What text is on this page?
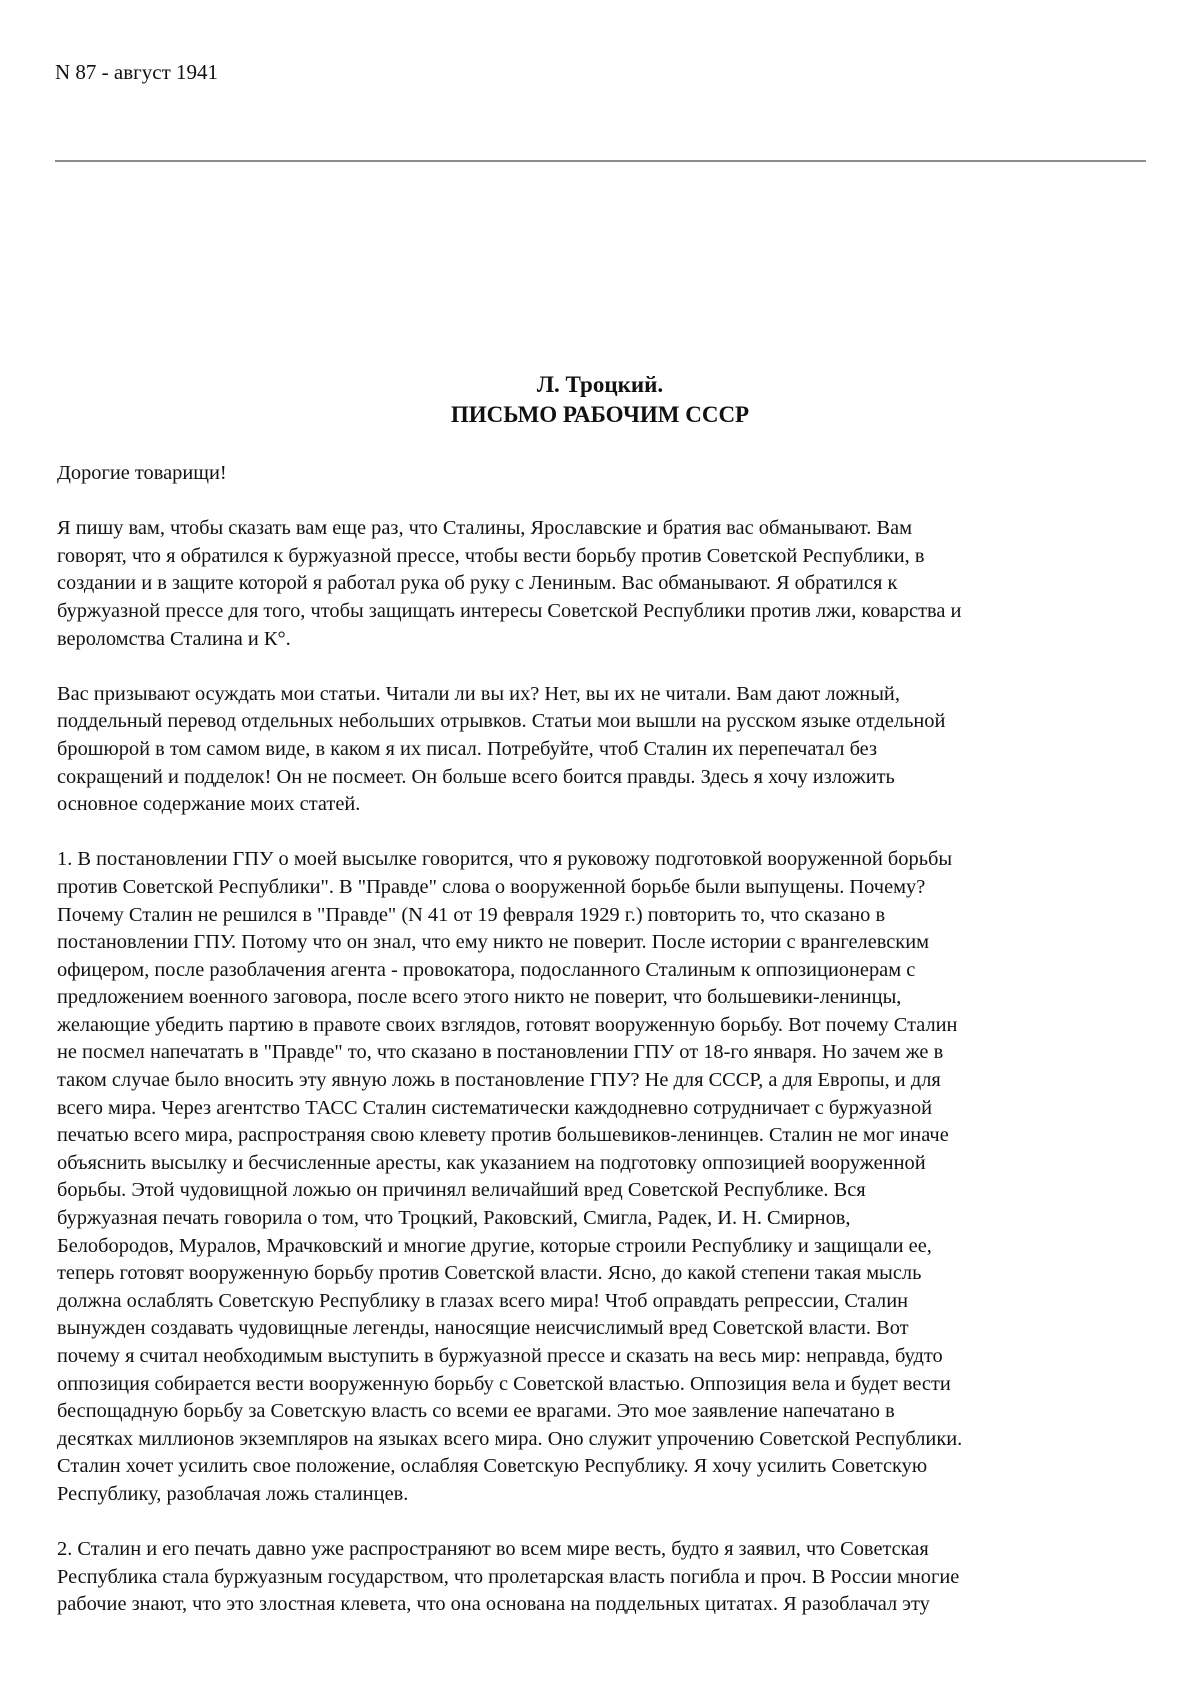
N 87 - август 1941
Л. Троцкий.
ПИСЬМО РАБОЧИМ СССР
Дорогие товарищи!
Я пишу вам, чтобы сказать вам еще раз, что Сталины, Ярославские и братия вас обманывают. Вам
говорят, что я обратился к буржуазной прессе, чтобы вести борьбу против Советской Республики, в
создании и в защите которой я работал рука об руку с Лениным. Вас обманывают. Я обратился к
буржуазной прессе для того, чтобы защищать интересы Советской Республики против лжи, коварства и
вероломства Сталина и К°.
Вас призывают осуждать мои статьи. Читали ли вы их? Нет, вы их не читали. Вам дают ложный,
поддельный перевод отдельных небольших отрывков. Статьи мои вышли на русском языке отдельной
брошюрой в том самом виде, в каком я их писал. Потребуйте, чтоб Сталин их перепечатал без
сокращений и подделок! Он не посмеет. Он больше всего боится правды. Здесь я хочу изложить
основное содержание моих статей.
1. В постановлении ГПУ о моей высылке говорится, что я руковожу подготовкой вооруженной борьбы
против Советской Республики". В "Правде" слова о вооруженной борьбе были выпущены. Почему?
Почему Сталин не решился в "Правде" (N 41 от 19 февраля 1929 г.) повторить то, что сказано в
постановлении ГПУ. Потому что он знал, что ему никто не поверит. После истории с врангелевским
офицером, после разоблачения агента - провокатора, подосланного Сталиным к оппозиционерам с
предложением военного заговора, после всего этого никто не поверит, что большевики-ленинцы,
желающие убедить партию в правоте своих взглядов, готовят вооруженную борьбу. Вот почему Сталин
не посмел напечатать в "Правде" то, что сказано в постановлении ГПУ от 18-го января. Но зачем же в
таком случае было вносить эту явную ложь в постановление ГПУ? Не для СССР, а для Европы, и для
всего мира. Через агентство ТАСС Сталин систематически каждодневно сотрудничает с буржуазной
печатью всего мира, распространяя свою клевету против большевиков-ленинцев. Сталин не мог иначе
объяснить высылку и бесчисленные аресты, как указанием на подготовку оппозицией вооруженной
борьбы. Этой чудовищной ложью он причинял величайший вред Советской Республике. Вся
буржуазная печать говорила о том, что Троцкий, Раковский, Смигла, Радек, И. Н. Смирнов,
Белобородов, Муралов, Мрачковский и многие другие, которые строили Республику и защищали ее,
теперь готовят вооруженную борьбу против Советской власти. Ясно, до какой степени такая мысль
должна ослаблять Советскую Республику в глазах всего мира! Чтоб оправдать репрессии, Сталин
вынужден создавать чудовищные легенды, наносящие неисчислимый вред Советской власти. Вот
почему я считал необходимым выступить в буржуазной прессе и сказать на весь мир: неправда, будто
оппозиция собирается вести вооруженную борьбу с Советской властью. Оппозиция вела и будет вести
беспощадную борьбу за Советскую власть со всеми ее врагами. Это мое заявление напечатано в
десятках миллионов экземпляров на языках всего мира. Оно служит упрочению Советской Республики.
Сталин хочет усилить свое положение, ослабляя Советскую Республику. Я хочу усилить Советскую
Республику, разоблачая ложь сталинцев.
2. Сталин и его печать давно уже распространяют во всем мире весть, будто я заявил, что Советская
Республика стала буржуазным государством, что пролетарская власть погибла и проч. В России многие
рабочие знают, что это злостная клевета, что она основана на поддельных цитатах. Я разоблачал эту
